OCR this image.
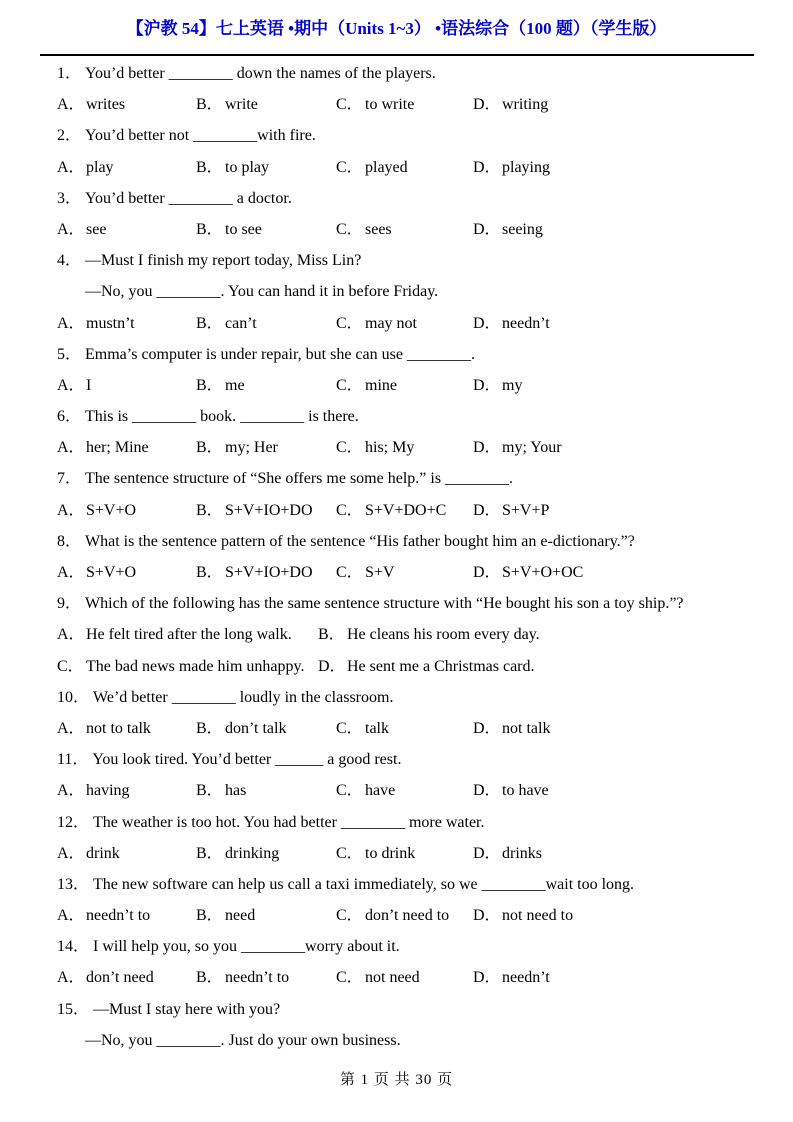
【沪教 54】七上英语 •期中（Units 1~3） •语法综合（100 题）（学生版）
1． You’d better ________ down the names of the players.
A．writes	B． write	C． to write	D．writing
2． You’d better not ________with fire.
A．play	B． to play	C． played	D．playing
3． You’d better ________ a doctor.
A．see	B． to see	C． sees	D．seeing
4． —Must I finish my report today, Miss Lin?
—No, you ________. You can hand it in before Friday.
A．mustn’t	B． can’t	C． may not	D．needn’t
5． Emma’s computer is under repair, but she can use ________.
A．I	B． me	C． mine	D．my
6． This is ________ book. ________ is there.
A．her; Mine	B． my; Her	C． his; My	D．my; Your
7． The sentence structure of “She offers me some help.” is ________.
A．S+V+O	B． S+V+IO+DO C． S+V+DO+C D．S+V+P
8． What is the sentence pattern of the sentence “His father bought him an e-dictionary.”?
A．S+V+O	B． S+V+IO+DO C． S+V	D．S+V+O+OC
9． Which of the following has the same sentence structure with “He bought his son a toy ship.”?
A．He felt tired after the long walk. B． He cleans his room every day.
C． The bad news made him unhappy. D．He sent me a Christmas card.
10． We’d better ________ loudly in the classroom.
A．not to talk	B． don’t talk	C． talk	D．not talk
11． You look tired. You’d better ______ a good rest.
A．having	B． has	C． have	D．to have
12． The weather is too hot. You had better ________ more water.
A．drink	B． drinking	C． to drink	D．drinks
13． The new software can help us call a taxi immediately, so we ________wait too long.
A．needn’t to	B． need	C． don’t need to D．not need to
14． I will help you, so you ________worry about it.
A．don’t need	B． needn’t to	C． not need	D．needn’t
15． —Must I stay here with you?
—No, you ________. Just do your own business.
第 1 页 共 30 页
